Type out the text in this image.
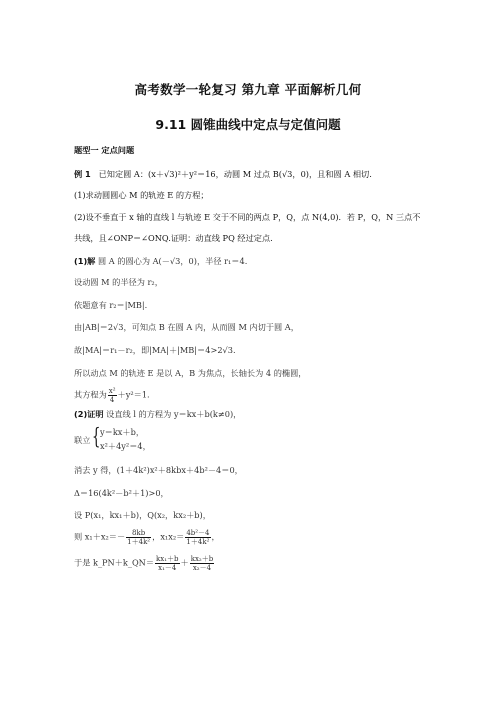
高考数学一轮复习 第九章 平面解析几何
9.11 圆锥曲线中定点与定值问题
题型一 定点问题
例 1 已知定圆 A：(x＋√3)²＋y²＝16，动圆 M 过点 B(√3，0)，且和圆 A 相切.
(1)求动圆圆心 M 的轨迹 E 的方程；
(2)设不垂直于 x 轴的直线 l 与轨迹 E 交于不同的两点 P，Q，点 N(4,0)．若 P，Q，N 三点不
共线，且∠ONP＝∠ONQ.证明：动直线 PQ 经过定点.
(1)解 圆 A 的圆心为 A(－√3，0)，半径 r₁＝4.
设动圆 M 的半径为 r₂，
依题意有 r₂＝|MB|.
由|AB|＝2√3，可知点 B 在圆 A 内，从而圆 M 内切于圆 A，
故|MA|＝r₁－r₂，即|MA|＋|MB|＝4>2√3.
所以动点 M 的轨迹 E 是以 A，B 为焦点，长轴长为 4 的椭圆，
其方程为 $\frac{\text{x²}}{4} +y^2=1$.
(2)证明 设直线 l 的方程为 y＝kx＋b(k≠0)，
联立 { y＝kx＋b，
x²＋4y²＝4，
消去 y 得，(1＋4k²)x²＋8kbx＋4b²－4＝0，
Δ＝16(4k²－b²＋1)>0，
设 P(x₁，kx₁＋b)，Q(x₂，kx₂＋b)，
则 $x_1+x_2=- \frac{8kb}{\text{1＋4k²}}$ ，$x_1x_2= \frac{\text{4b²－4}}{\text{1＋4k²}}$ ，
于是 k_PN＋k_QN＝ $\frac{\text{kx₁＋b}}{\text{x₁－4}} + \frac{\text{kx₂＋b}}{\text{x₂－4}}$
